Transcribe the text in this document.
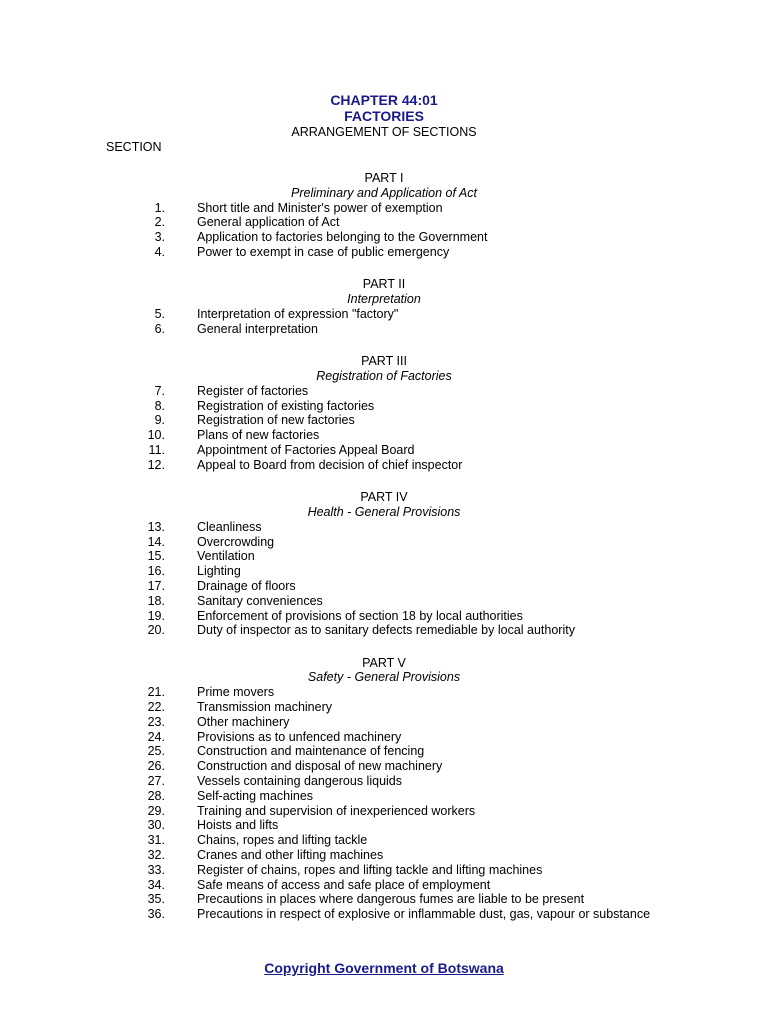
CHAPTER 44:01
FACTORIES
ARRANGEMENT OF SECTIONS
SECTION
PART I
Preliminary and Application of Act
1.	Short title and Minister's power of exemption
2.	General application of Act
3.	Application to factories belonging to the Government
4.	Power to exempt in case of public emergency
PART II
Interpretation
5.	Interpretation of expression "factory"
6.	General interpretation
PART III
Registration of Factories
7.	Register of factories
8.	Registration of existing factories
9.	Registration of new factories
10.	Plans of new factories
11.	Appointment of Factories Appeal Board
12.	Appeal to Board from decision of chief inspector
PART IV
Health - General Provisions
13.	Cleanliness
14.	Overcrowding
15.	Ventilation
16.	Lighting
17.	Drainage of floors
18.	Sanitary conveniences
19.	Enforcement of provisions of section 18 by local authorities
20.	Duty of inspector as to sanitary defects remediable by local authority
PART V
Safety - General Provisions
21.	Prime movers
22.	Transmission machinery
23.	Other machinery
24.	Provisions as to unfenced machinery
25.	Construction and maintenance of fencing
26.	Construction and disposal of new machinery
27.	Vessels containing dangerous liquids
28.	Self-acting machines
29.	Training and supervision of inexperienced workers
30.	Hoists and lifts
31.	Chains, ropes and lifting tackle
32.	Cranes and other lifting machines
33.	Register of chains, ropes and lifting tackle and lifting machines
34.	Safe means of access and safe place of employment
35.	Precautions in places where dangerous fumes are liable to be present
36.	Precautions in respect of explosive or inflammable dust, gas, vapour or substance
Copyright Government of Botswana
